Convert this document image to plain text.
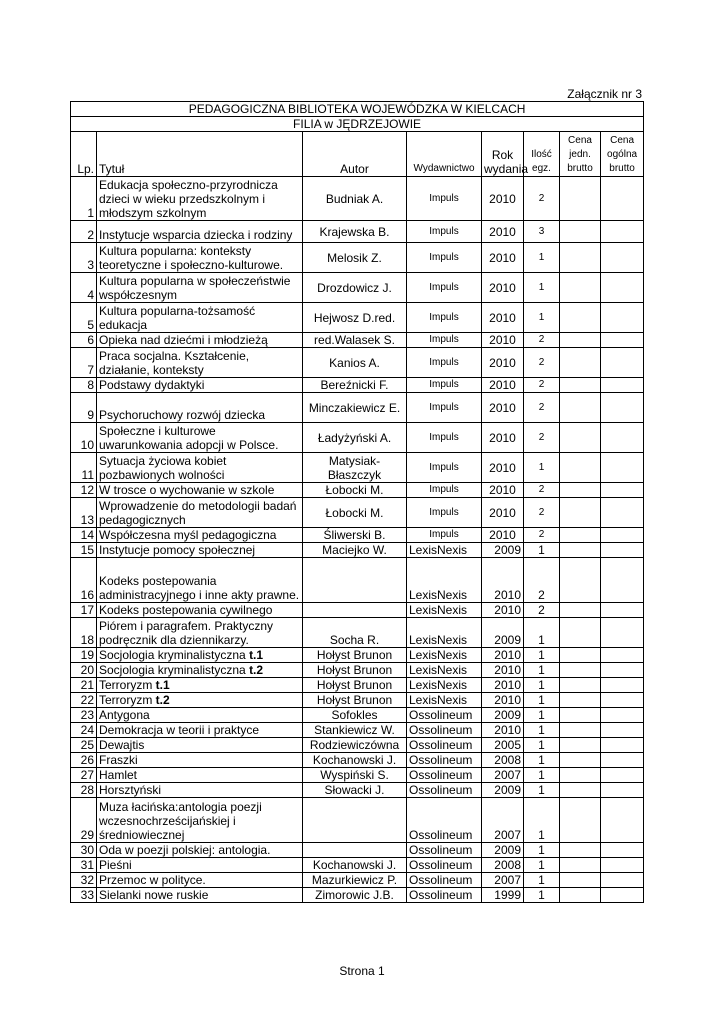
Załącznik nr 3
PEDAGOGICZNA BIBLIOTEKA WOJEWÓDZKA W KIELCACH							
FILIA w JĘDRZEJOWIE							
Lp.	Tytuł	Autor	Wydawnictwo	Rok wydania	Ilość egz.	Cena jedn. brutto	Cena ogólna brutto
1	Edukacja społeczno-przyrodnicza dzieci w wieku przedszkolnym i młodszym szkolnym	Budniak A.	Impuls	2010	2		
2	Instytucje wsparcia dziecka i rodziny	Krajewska B.	Impuls	2010	3		
3	Kultura popularna: konteksty teoretyczne i społeczno-kulturowe.	Melosik Z.	Impuls	2010	1		
4	Kultura popularna w społeczeństwie współczesnym	Drozdowicz J.	Impuls	2010	1		
5	Kultura popularna-tożsamość edukacja	Hejwosz D.red.	Impuls	2010	1		
6	Opieka nad dziećmi i młodzieżą	red.Walasek S.	Impuls	2010	2		
7	Praca socjalna. Kształcenie, działanie, konteksty	Kanios A.	Impuls	2010	2		
8	Podstawy dydaktyki	Bereźnicki F.	Impuls	2010	2		
9	Psychoruchowy rozwój dziecka	Minczakiewicz E.	Impuls	2010	2		
10	Społeczne i kulturowe uwarunkowania adopcji w Polsce.	Ładyżyński A.	Impuls	2010	2		
11	Sytuacja życiowa kobiet pozbawionych wolności	Matysiak-Błaszczyk	Impuls	2010	1		
12	W trosce o wychowanie w szkole	Łobocki M.	Impuls	2010	2		
13	Wprowadzenie do metodologii badań pedagogicznych	Łobocki M.	Impuls	2010	2		
14	Współczesna myśl pedagogiczna	Śliwerski B.	Impuls	2010	2		
15	Instytucje pomocy społecznej	Maciejko W.	LexisNexis	2009	1		
16	Kodeks postepowania administracyjnego i inne akty prawne.		LexisNexis	2010	2		
17	Kodeks postepowania cywilnego		LexisNexis	2010	2		
18	Piórem i paragrafem. Praktyczny podręcznik dla dziennikarzy.	Socha R.	LexisNexis	2009	1		
19	Socjologia kryminalistyczna t.1	Hołyst Brunon	LexisNexis	2010	1		
20	Socjologia kryminalistyczna t.2	Hołyst Brunon	LexisNexis	2010	1		
21	Terroryzm t.1	Hołyst Brunon	LexisNexis	2010	1		
22	Terroryzm t.2	Hołyst Brunon	LexisNexis	2010	1		
23	Antygona	Sofokles	Ossolineum	2009	1		
24	Demokracja w teorii i praktyce	Stankiewicz W.	Ossolineum	2010	1		
25	Dewajtis	Rodziewiczówna	Ossolineum	2005	1		
26	Fraszki	Kochanowski J.	Ossolineum	2008	1		
27	Hamlet	Wyspiński S.	Ossolineum	2007	1		
28	Horsztyński	Słowacki J.	Ossolineum	2009	1		
29	Muza łacińska:antologia poezji wczesnochrześcijańskiej i średniowiecznej		Ossolineum	2007	1		
30	Oda w poezji polskiej: antologia.		Ossolineum	2009	1		
31	Pieśni	Kochanowski J.	Ossolineum	2008	1		
32	Przemoc w polityce.	Mazurkiewicz P.	Ossolineum	2007	1		
33	Sielanki nowe ruskie	Zimorowic J.B.	Ossolineum	1999	1		
Strona 1
